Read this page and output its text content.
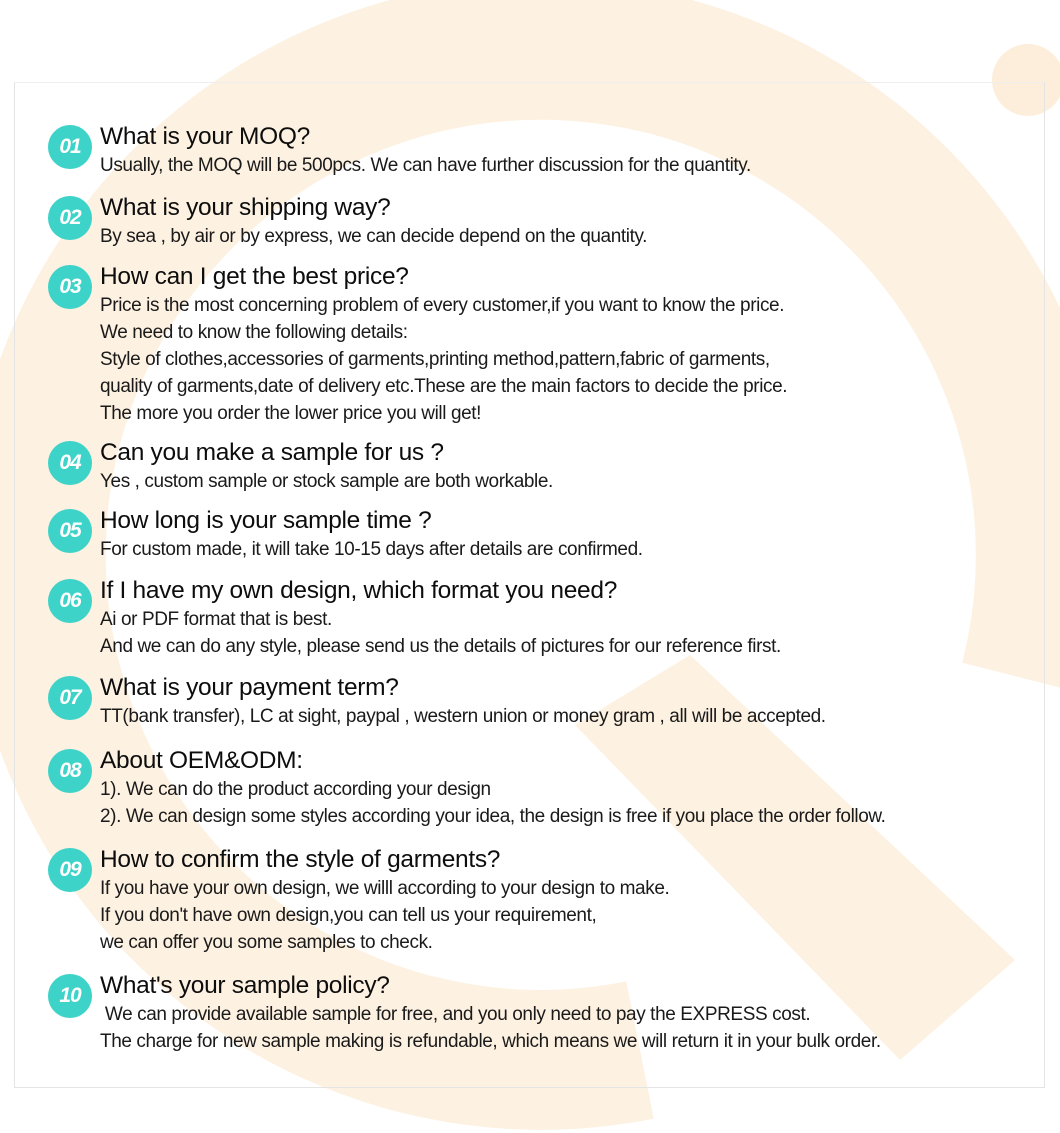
01 What is your MOQ?
Usually, the MOQ will be 500pcs. We can have further discussion for the quantity.
02 What is your shipping way?
By sea , by air or by express, we can decide depend on the quantity.
03 How can I get the best price?
Price is the most concerning problem of every customer,if you want to know the price.
We need to know the following details:
Style of clothes,accessories of garments,printing method,pattern,fabric of garments,
quality of garments,date of delivery etc.These are the main factors to decide the price.
The more you order the lower price you will get!
04 Can you make a sample for us ?
Yes , custom sample or stock sample are both workable.
05 How long is your sample time ?
For custom made, it will take 10-15 days after details are confirmed.
06 If I have my own design, which format you need?
Ai or PDF format that is best.
And we can do any style, please send us the details of pictures for our reference first.
07 What is your payment term?
TT(bank transfer), LC at sight, paypal , western union or money gram , all will be accepted.
08 About OEM&ODM:
1). We can do the product according your design
2). We can design some styles according your idea, the design is free if you place the order follow.
09 How to confirm the style of garments?
If you have your own design, we willl according to your design to make.
If you don't have own design,you can tell us your requirement,
we can offer you some samples to check.
10 What's your sample policy?
We can provide available sample for free, and you only need to pay the EXPRESS cost.
The charge for new sample making is refundable, which means we will return it in your bulk order.
